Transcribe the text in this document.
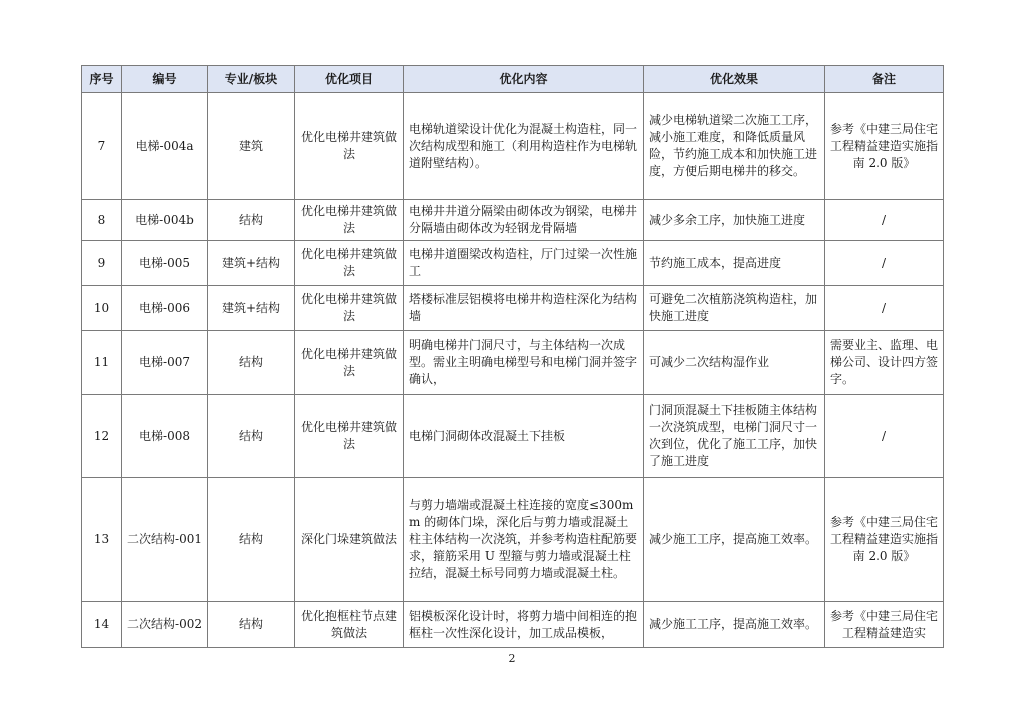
序号	编号	专业/板块	优化项目	优化内容	优化效果	备注
7	电梯-004a	建筑	优化电梯井建筑做法	电梯轨道梁设计优化为混凝土构造柱，同一次结构成型和施工（利用构造柱作为电梯轨道附壁结构）。	减少电梯轨道梁二次施工工序，减小施工难度，和降低质量风险，节约施工成本和加快施工进度，方便后期电梯井的移交。	参考《中建三局住宅工程精益建造实施指南 2.0 版》
8	电梯-004b	结构	优化电梯井建筑做法	电梯井井道分隔梁由砌体改为钢梁，电梯井分隔墙由砌体改为轻钢龙骨隔墙	减少多余工序，加快施工进度	/
9	电梯-005	建筑+结构	优化电梯井建筑做法	电梯井道圈梁改构造柱，厅门过梁一次性施工	节约施工成本，提高进度	/
10	电梯-006	建筑+结构	优化电梯井建筑做法	塔楼标准层铝模将电梯井构造柱深化为结构墙	可避免二次植筋浇筑构造柱，加快施工进度	/
11	电梯-007	结构	优化电梯井建筑做法	明确电梯井门洞尺寸，与主体结构一次成型。需业主明确电梯型号和电梯门洞并签字确认，	可减少二次结构湿作业	需要业主、监理、电梯公司、设计四方签字。
12	电梯-008	结构	优化电梯井建筑做法	电梯门洞砌体改混凝土下挂板	门洞顶混凝土下挂板随主体结构一次浇筑成型，电梯门洞尺寸一次到位，优化了施工工序，加快了施工进度	/
13	二次结构-001	结构	深化门垛建筑做法	与剪力墙端或混凝土柱连接的宽度≤300mm 的砌体门垛，深化后与剪力墙或混凝土柱主体结构一次浇筑，并参考构造柱配筋要求，箍筋采用 U 型箍与剪力墙或混凝土柱拉结，混凝土标号同剪力墙或混凝土柱。	减少施工工序，提高施工效率。	参考《中建三局住宅工程精益建造实施指南 2.0 版》
14	二次结构-002	结构	优化抱框柱节点建筑做法	铝模板深化设计时，将剪力墙中间相连的抱框柱一次性深化设计，加工成品模板，	减少施工工序，提高施工效率。	参考《中建三局住宅工程精益建造实
2
